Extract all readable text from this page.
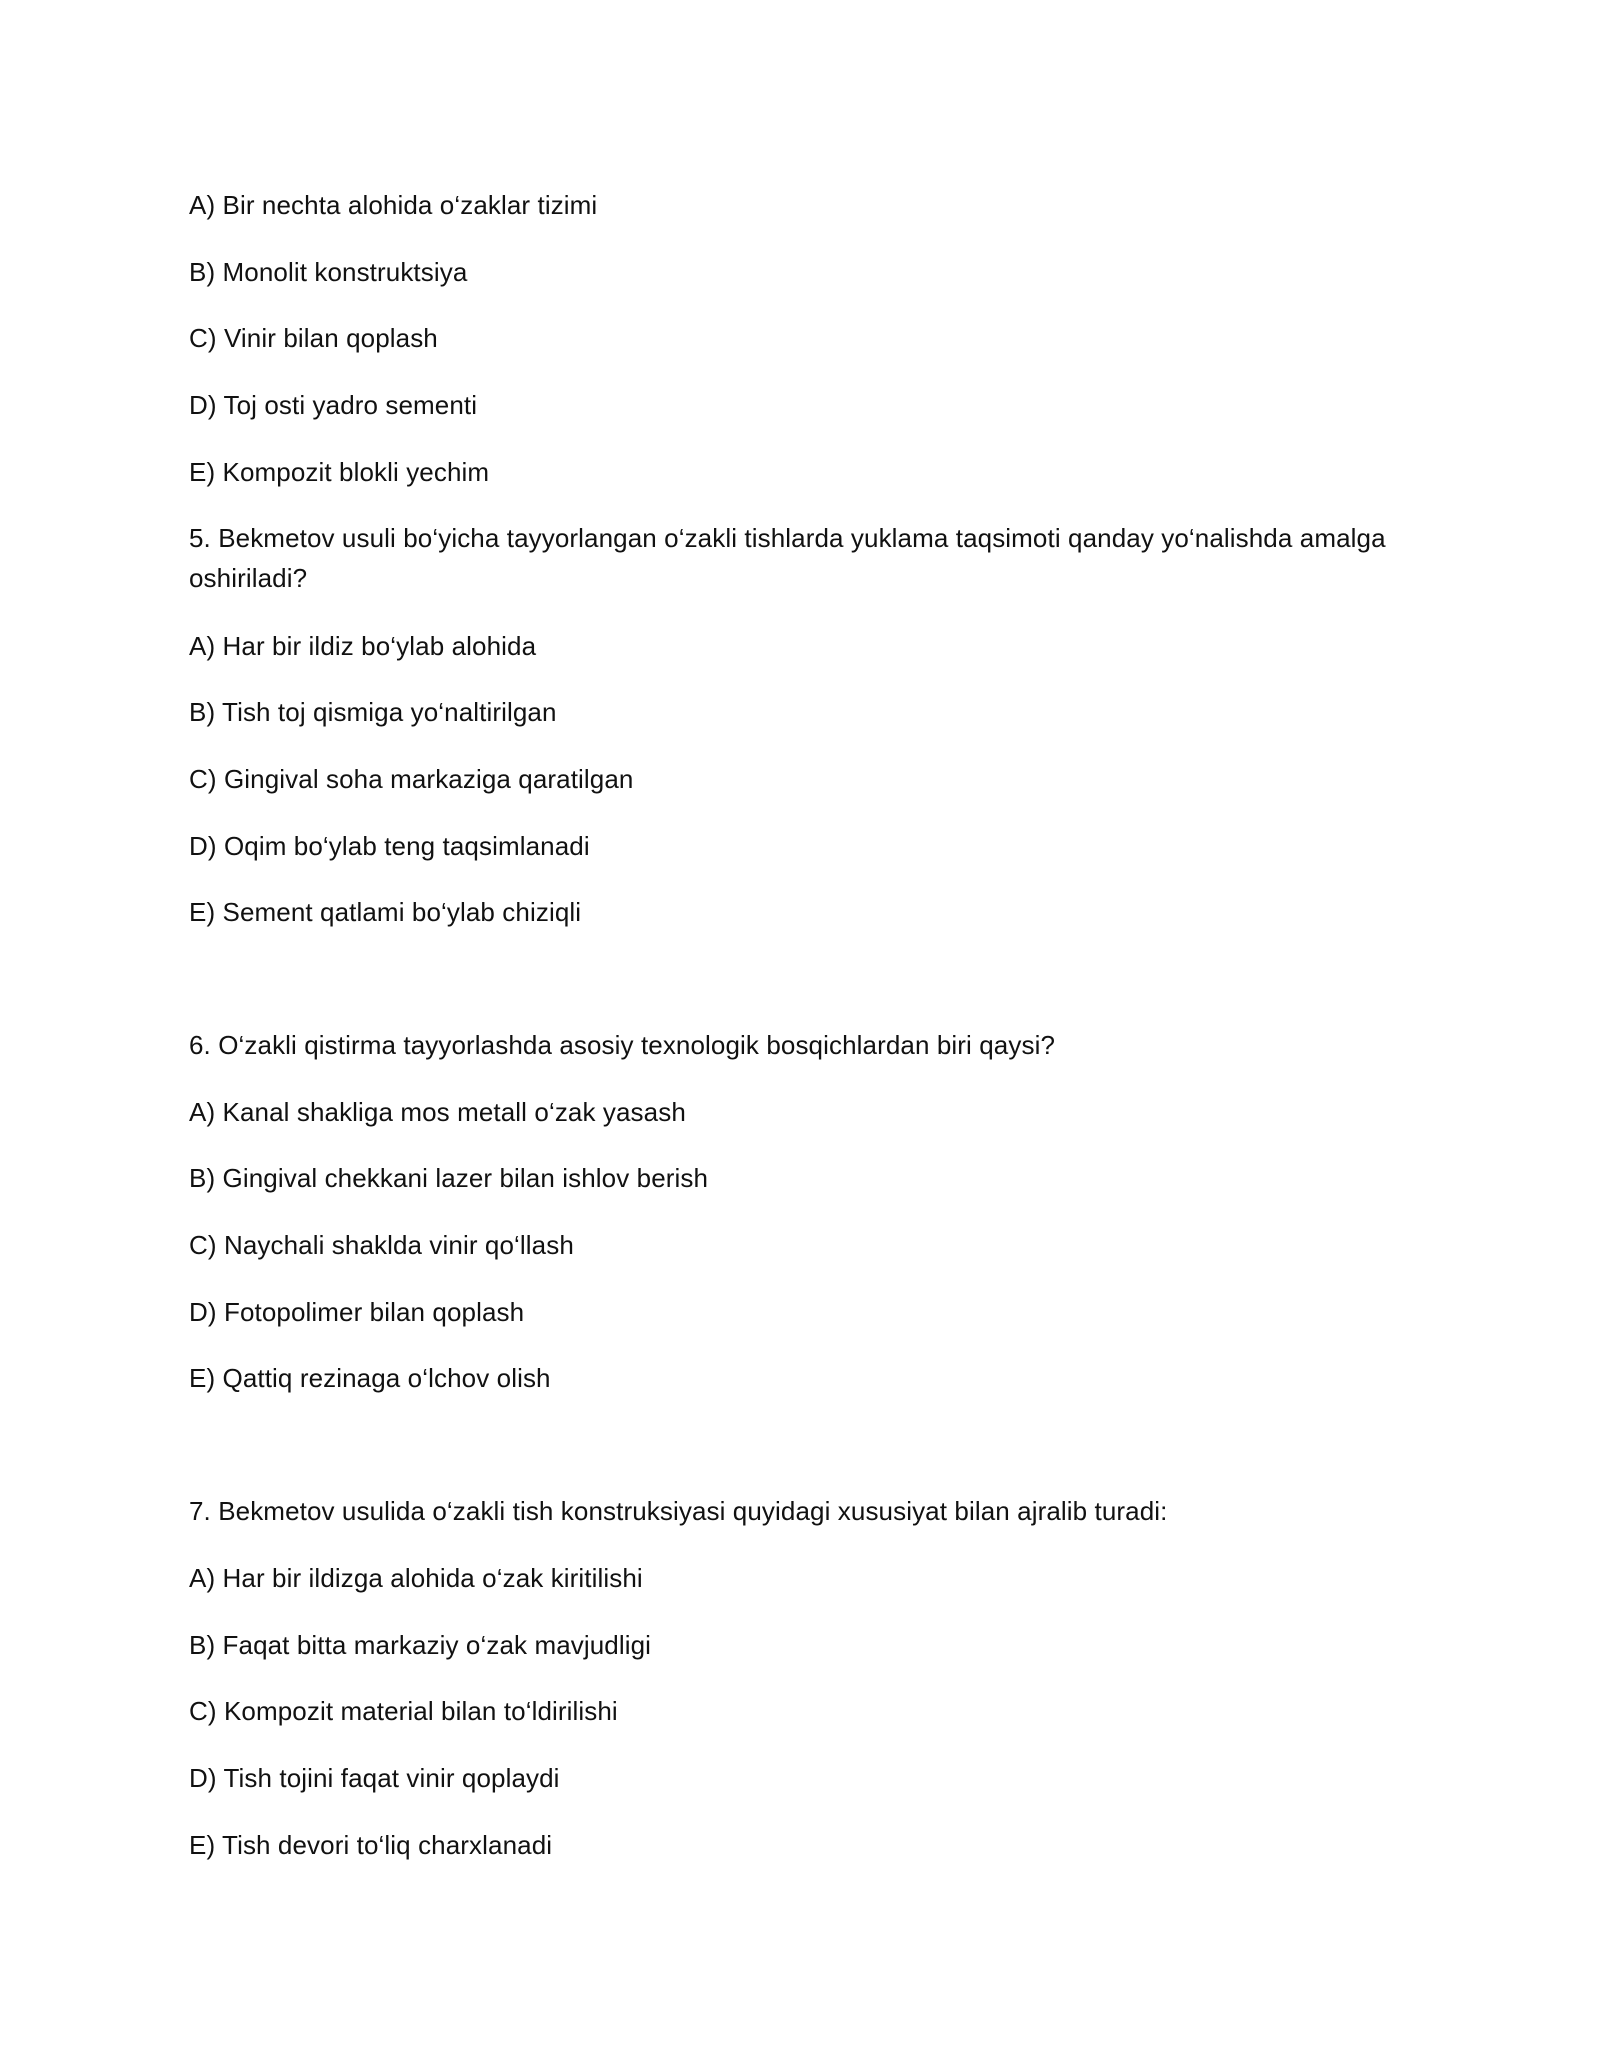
A) Bir nechta alohida o‘zaklar tizimi
B) Monolit konstruktsiya
C) Vinir bilan qoplash
D) Toj osti yadro sementi
E) Kompozit blokli yechim
5. Bekmetov usuli bo‘yicha tayyorlangan o‘zakli tishlarda yuklama taqsimoti qanday yo‘nalishda amalga oshiriladi?
A) Har bir ildiz bo‘ylab alohida
B) Tish toj qismiga yo‘naltirilgan
C) Gingival soha markaziga qaratilgan
D) Oqim bo‘ylab teng taqsimlanadi
E) Sement qatlami bo‘ylab chiziqli
6. O‘zakli qistirma tayyorlashda asosiy texnologik bosqichlardan biri qaysi?
A) Kanal shakliga mos metall o‘zak yasash
B) Gingival chekkani lazer bilan ishlov berish
C) Naychali shaklda vinir qo‘llash
D) Fotopolimer bilan qoplash
E) Qattiq rezinaga o‘lchov olish
7. Bekmetov usulida o‘zakli tish konstruksiyasi quyidagi xususiyat bilan ajralib turadi:
A) Har bir ildizga alohida o‘zak kiritilishi
B) Faqat bitta markaziy o‘zak mavjudligi
C) Kompozit material bilan to‘ldirilishi
D) Tish tojini faqat vinir qoplaydi
E) Tish devori to‘liq charxlanadi
